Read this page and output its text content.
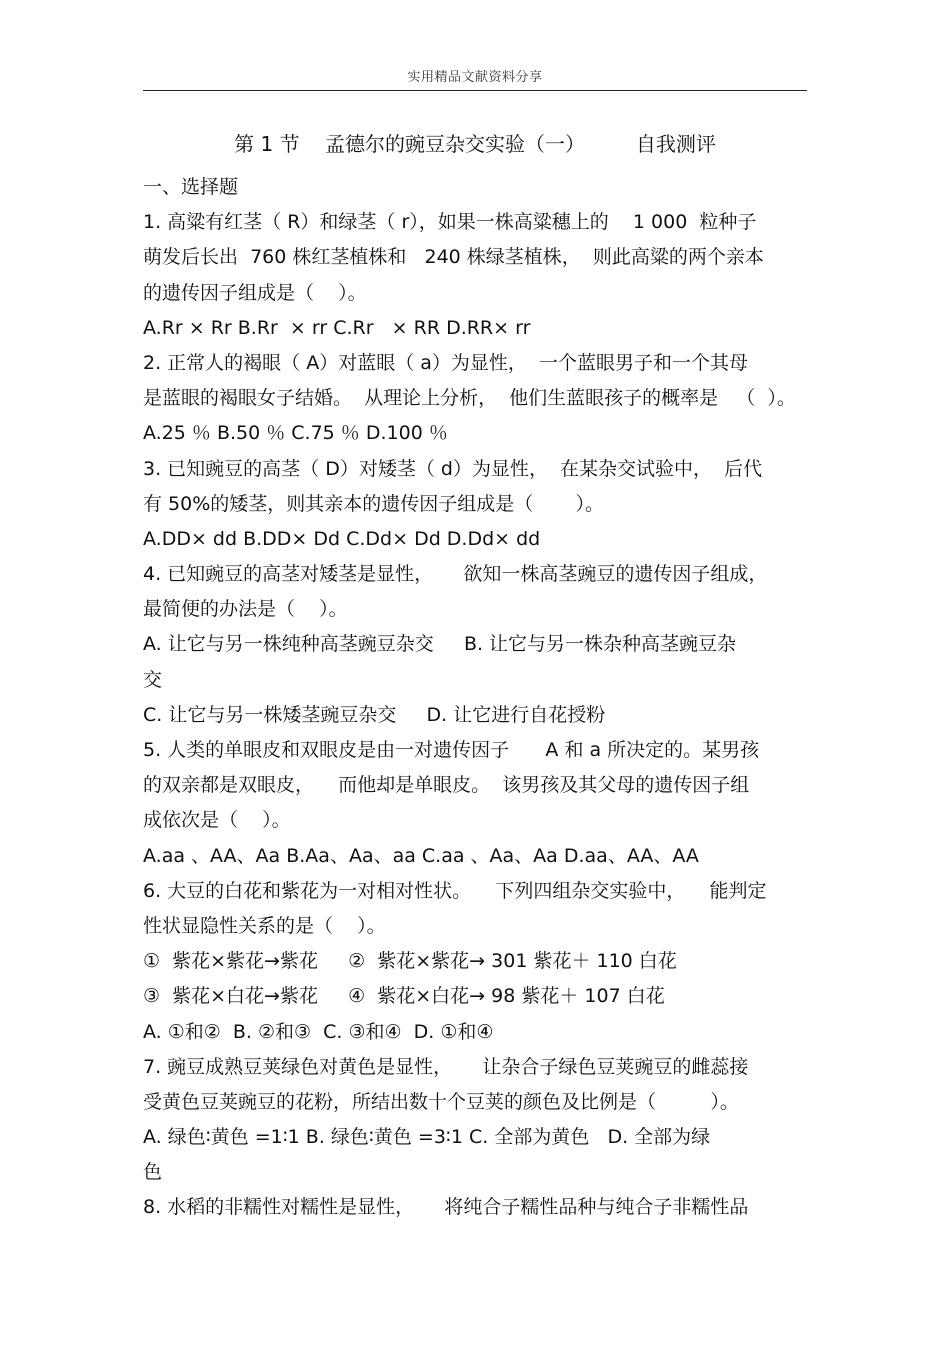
实用精品文献资料分享
第 1 节    孟德尔的豌豆杂交实验（一）        自我测评
一、选择题
1. 高粱有红茎（ R）和绿茎（ r），如果一株高粱穗上的    1 000  粒种子
萌发后长出  760 株红茎植株和   240 株绿茎植株，  则此高粱的两个亲本
的遗传因子组成是（    ）。
A.Rr × Rr B.Rr  × rr C.Rr   × RR D.RR× rr
2. 正常人的褐眼（ A）对蓝眼（ a）为显性，  一个蓝眼男子和一个其母
是蓝眼的褐眼女子结婚。  从理论上分析，  他们生蓝眼孩子的概率是   （  ）。
A.25 ％ B.50 ％ C.75 ％ D.100 ％
3. 已知豌豆的高茎（ D）对矮茎（ d）为显性，  在某杂交试验中，  后代
有 50%的矮茎，则其亲本的遗传因子组成是（       ）。
A.DD× dd B.DD× Dd C.Dd× Dd D.Dd× dd
4. 已知豌豆的高茎对矮茎是显性，     欲知一株高茎豌豆的遗传因子组成，
最简便的办法是（    ）。
A. 让它与另一株纯种高茎豌豆杂交     B. 让它与另一株杂种高茎豌豆杂
交
C. 让它与另一株矮茎豌豆杂交     D. 让它进行自花授粉
5. 人类的单眼皮和双眼皮是由一对遗传因子      A 和 a 所决定的。某男孩
的双亲都是双眼皮，    而他却是单眼皮。  该男孩及其父母的遗传因子组
成依次是（    ）。
A.aa 、AA、Aa B.Aa、Aa、aa C.aa 、Aa、Aa D.aa、AA、AA
6. 大豆的白花和紫花为一对相对性状。    下列四组杂交实验中，    能判定
性状显隐性关系的是（    ）。
①  紫花×紫花→紫花     ②  紫花×紫花→ 301 紫花＋ 110 白花
③  紫花×白花→紫花     ④  紫花×白花→ 98 紫花＋ 107 白花
A. ①和②  B. ②和③  C. ③和④  D. ①和④
7. 豌豆成熟豆荚绿色对黄色是显性，     让杂合子绿色豆荚豌豆的雌蕊接
受黄色豆荚豌豆的花粉，所结出数十个豆荚的颜色及比例是（         ）。
A. 绿色∶黄色 =1∶1 B. 绿色∶黄色 =3∶1 C. 全部为黄色   D. 全部为绿
色
8. 水稻的非糯性对糯性是显性，     将纯合子糯性品种与纯合子非糯性品
